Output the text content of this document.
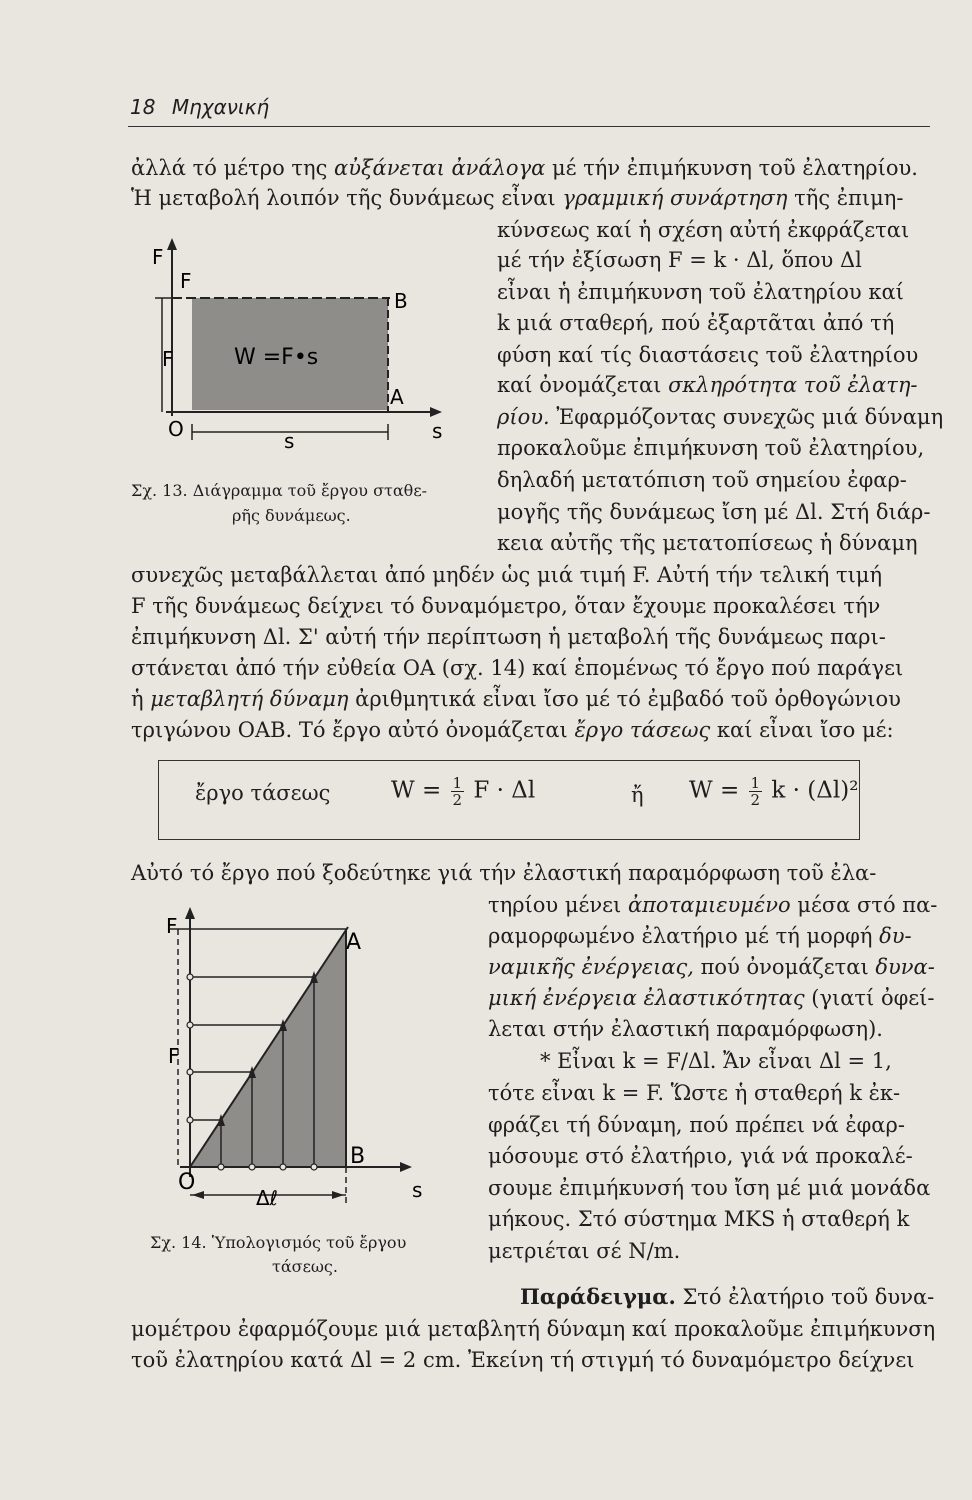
18 Μηχανική
ἀλλά τό μέτρο της αὐξάνεται ἀνάλογα μέ τήν ἐπιμήκυνση τοῦ ἐλατηρίου.
Ἡ μεταβολή λοιπόν τῆς δυνάμεως εἶναι γραμμική συνάρτηση τῆς ἐπιμη-
κύνσεως καί ἡ σχέση αὐτή ἐκφράζεται
μέ τήν ἐξίσωση F = k · Δl, ὅπου Δl
εἶναι ἡ ἐπιμήκυνση τοῦ ἐλατηρίου καί
k μιά σταθερή, πού ἐξαρτᾶται ἀπό τή
φύση καί τίς διαστάσεις τοῦ ἐλατηρίου
καί ὀνομάζεται σκληρότητα τοῦ ἐλατη-
ρίου. Ἐφαρμόζοντας συνεχῶς μιά δύναμη
προκαλοῦμε ἐπιμήκυνση τοῦ ἐλατηρίου,
δηλαδή μετατόπιση τοῦ σημείου ἐφαρ-
μογῆς τῆς δυνάμεως ἴση μέ Δl. Στή διάρ-
κεια αὐτῆς τῆς μετατοπίσεως ἡ δύναμη
συνεχῶς μεταβάλλεται ἀπό μηδέν ὡς μιά τιμή F. Αὐτή τήν τελική τιμή
F τῆς δυνάμεως δείχνει τό δυναμόμετρο, ὅταν ἔχουμε προκαλέσει τήν
ἐπιμήκυνση Δl. Σ' αὐτή τήν περίπτωση ἡ μεταβολή τῆς δυνάμεως παρι-
στάνεται ἀπό τήν εὐθεία ΟΑ (σχ. 14) καί ἑπομένως τό ἔργο πού παράγει
ἡ μεταβλητή δύναμη ἀριθμητικά εἶναι ἴσο μέ τό ἐμβαδό τοῦ ὀρθογώνιου
τριγώνου ΟΑΒ. Τό ἔργο αὐτό ὀνομάζεται ἔργο τάσεως καί εἶναι ἴσο μέ:
Αὐτό τό ἔργο πού ξοδεύτηκε γιά τήν ἐλαστική παραμόρφωση τοῦ ἐλα-
τηρίου μένει ἀποταμιευμένο μέσα στό πα-
ραμορφωμένο ἐλατήριο μέ τή μορφή δυ-
ναμικῆς ἐνέργειας, πού ὀνομάζεται δυνα-
μική ἐνέργεια ἐλαστικότητας (γιατί ὀφεί-
λεται στήν ἐλαστική παραμόρφωση).
* Εἶναι k = F/Δl. Ἄν εἶναι Δl = 1,
τότε εἶναι k = F. Ὥστε ἡ σταθερή k ἐκ-
φράζει τή δύναμη, πού πρέπει νά ἐφαρ-
μόσουμε στό ἐλατήριο, γιά νά προκαλέ-
σουμε ἐπιμήκυνσή του ἴση μέ μιά μονάδα
μήκους. Στό σύστημα MKS ἡ σταθερή k
μετριέται σέ N/m.
Παράδειγμα. Στό ἐλατήριο τοῦ δυνα-
μομέτρου ἐφαρμόζουμε μιά μεταβλητή δύναμη καί προκαλοῦμε ἐπιμήκυνση
τοῦ ἐλατηρίου κατά Δl = 2 cm. Ἐκείνη τή στιγμή τό δυναμόμετρο δείχνει
F
F
F
B
A
O	s
s
W =F•s
Σχ. 13. Διάγραμμα τοῦ ἔργου σταθε-
ρῆς δυνάμεως.
ἔργο τάσεως	$W = \frac{1}{2}$ F · Δl	ἤ $W = \frac{1}{2}$ k · (Δl)²
F
F
A
B
O	s
Δℓ
Σχ. 14. Ὑπολογισμός τοῦ ἔργου
τάσεως.
